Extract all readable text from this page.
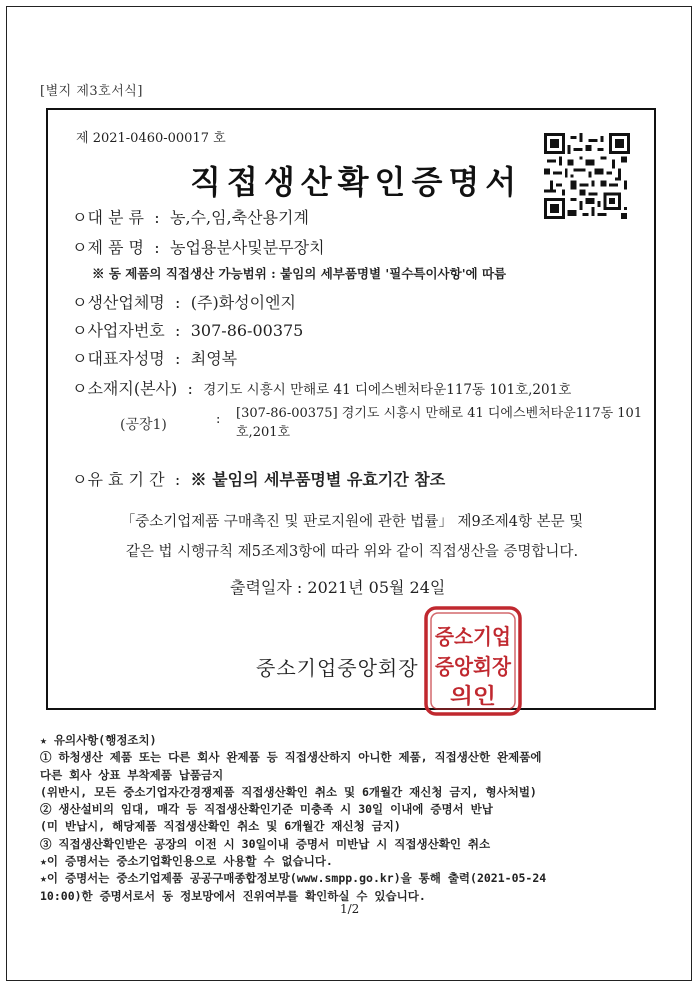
[별지 제3호서식]
제 2021-0460-00017 호
직접생산확인증명서
ㅇ대 분 류 : 농,수,임,축산용기계
ㅇ제 품 명 : 농업용분사및분무장치
※ 동 제품의 직접생산 가능범위 : 붙임의 세부품명별 '필수특이사항'에 따름
ㅇ생산업체명 : (주)화성이엔지
ㅇ사업자번호 : 307-86-00375
ㅇ대표자성명 : 최영복
ㅇ소재지(본사) : 경기도 시흥시 만해로 41 디에스벤처타운117동 101호,201호
(공장1)	: [307-86-00375] 경기도 시흥시 만해로 41 디에스벤처타운117동 101호,201호
ㅇ유 효 기 간 : ※ 붙임의 세부품명별 유효기간 참조
「중소기업제품 구매촉진 및 판로지원에 관한 법률」 제9조제4항 본문 및
같은 법 시행규칙 제5조제3항에 따라 위와 같이 직접생산을 증명합니다.
출력일자 : 2021년 05월 24일
중소기업
중앙회장
의인
중소기업중앙회장
★ 유의사항(행정조치)
① 하청생산 제품 또는 다른 회사 완제품 등 직접생산하지 아니한 제품, 직접생산한 완제품에
다른 회사 상표 부착제품 납품금지
(위반시, 모든 중소기업자간경쟁제품 직접생산확인 취소 및 6개월간 재신청 금지, 형사처벌)
② 생산설비의 임대, 매각 등 직접생산확인기준 미충족 시 30일 이내에 증명서 반납
(미 반납시, 해당제품 직접생산확인 취소 및 6개월간 재신청 금지)
③ 직접생산확인받은 공장의 이전 시 30일이내 증명서 미반납 시 직접생산확인 취소
★이 증명서는 중소기업확인용으로 사용할 수 없습니다.
★이 증명서는 중소기업제품 공공구매종합정보망(www.smpp.go.kr)을 통해 출력(2021-05-24
10:00)한 증명서로서 동 정보망에서 진위여부를 확인하실 수 있습니다.
1/2
